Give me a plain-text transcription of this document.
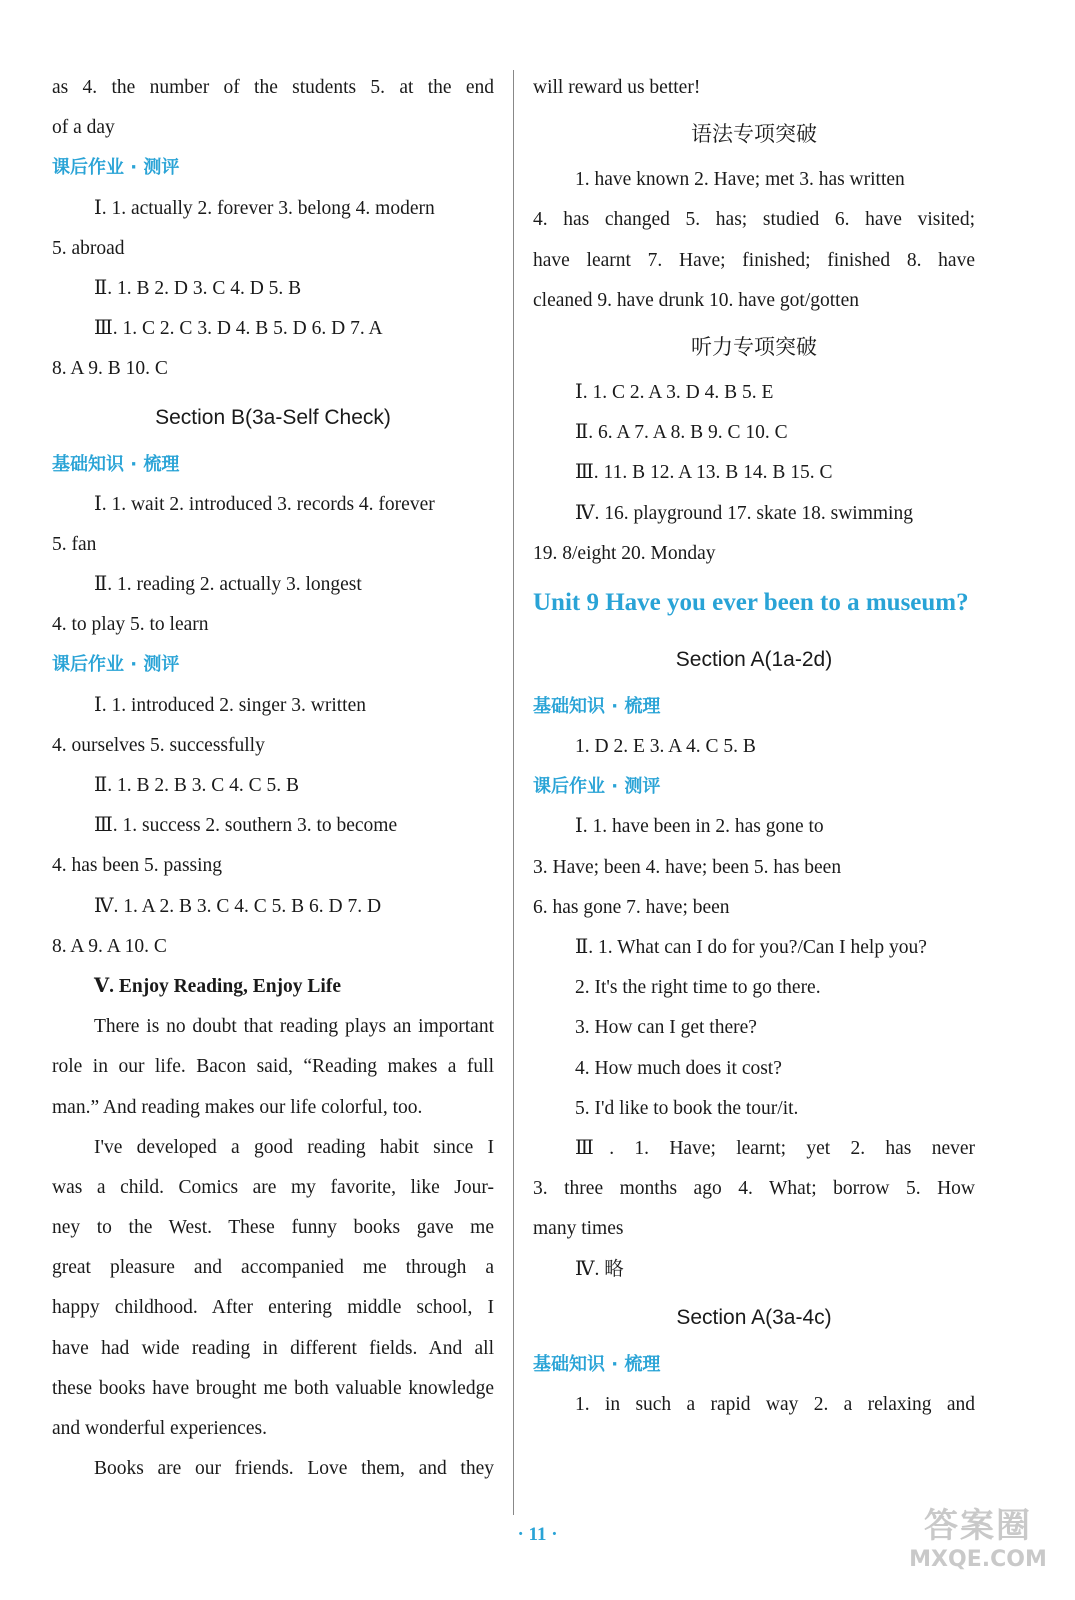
as 4. the number of the students 5. at the end
of a day
课后作业 · 测评
Ⅰ. 1. actually 2. forever 3. belong 4. modern
5. abroad
Ⅱ. 1. B 2. D 3. C 4. D 5. B
Ⅲ. 1. C 2. C 3. D 4. B 5. D 6. D 7. A
8. A 9. B 10. C
Section B(3a-Self Check)
基础知识 · 梳理
Ⅰ. 1. wait 2. introduced 3. records 4. forever
5. fan
Ⅱ. 1. reading 2. actually 3. longest
4. to play 5. to learn
课后作业 · 测评
Ⅰ. 1. introduced 2. singer 3. written
4. ourselves 5. successfully
Ⅱ. 1. B 2. B 3. C 4. C 5. B
Ⅲ. 1. success 2. southern 3. to become
4. has been 5. passing
Ⅳ. 1. A 2. B 3. C 4. C 5. B 6. D 7. D
8. A 9. A 10. C
Ⅴ. Enjoy Reading, Enjoy Life
There is no doubt that reading plays an important
role in our life. Bacon said, “Reading makes a full
man.” And reading makes our life colorful, too.
I've developed a good reading habit since I
was a child. Comics are my favorite, like Jour-
ney to the West. These funny books gave me
great pleasure and accompanied me through a
happy childhood. After entering middle school, I
have had wide reading in different fields. And all
these books have brought me both valuable knowledge
and wonderful experiences.
Books are our friends. Love them, and they
will reward us better!
语法专项突破
1. have known 2. Have; met 3. has written
4. has changed 5. has; studied 6. have visited;
have learnt 7. Have; finished; finished 8. have
cleaned 9. have drunk 10. have got/gotten
听力专项突破
Ⅰ. 1. C 2. A 3. D 4. B 5. E
Ⅱ. 6. A 7. A 8. B 9. C 10. C
Ⅲ. 11. B 12. A 13. B 14. B 15. C
Ⅳ. 16. playground 17. skate 18. swimming
19. 8/eight 20. Monday
Unit 9 Have you ever been to a museum?
Section A(1a-2d)
基础知识 · 梳理
1. D 2. E 3. A 4. C 5. B
课后作业 · 测评
Ⅰ. 1. have been in 2. has gone to
3. Have; been 4. have; been 5. has been
6. has gone 7. have; been
Ⅱ. 1. What can I do for you?/Can I help you?
2. It's the right time to go there.
3. How can I get there?
4. How much does it cost?
5. I'd like to book the tour/it.
Ⅲ. 1. Have; learnt; yet 2. has never
3. three months ago 4. What; borrow 5. How
many times
Ⅳ. 略
Section A(3a-4c)
基础知识 · 梳理
1. in such a rapid way 2. a relaxing and
· 11 ·	答案圈
MXQE.COM
